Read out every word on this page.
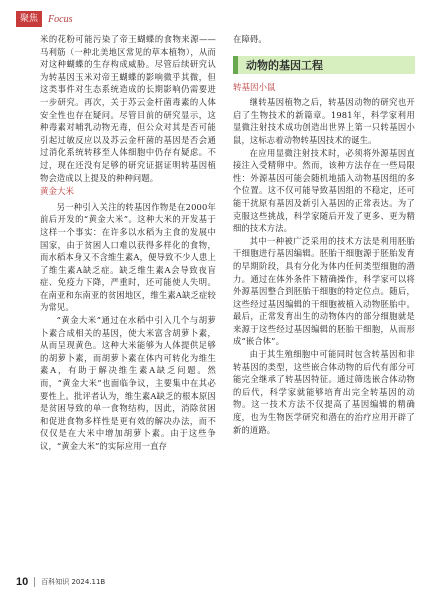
聚焦	Focus

米的花粉可能污染了帝王蝴蝶的食物来源——马利筋（一种北美地区常见的草本植物），从而对这种蝴蝶的生存构成威胁。尽管后续研究认为转基因玉米对帝王蝴蝶的影响微乎其微，但这类事件对生态系统造成的长期影响仍需要进一步研究。再次，关于苏云金杆菌毒素的人体安全性也存在疑问。尽管目前的研究显示，这种毒素对哺乳动物无毒，但公众对其是否可能引起过敏反应以及苏云金杆菌的基因是否会通过消化系统转移至人体细胞中仍存有疑虑。不过，现在还没有足够的研究证据证明转基因植物会造成以上提及的种种问题。

黄金大米

另一种引入关注的转基因作物是在2000年前后开发的“黄金大米”。这种大米的开发基于这样一个事实：在许多以水稻为主食的发展中国家，由于贫困人口难以获得多样化的食物，而水稻本身又不含维生素A，便导致不少人患上了维生素A缺乏症。缺乏维生素A会导致夜盲症、免疫力下降，严重时，还可能使人失明。在南亚和东南亚的贫困地区，维生素A缺乏症较为常见。

“黄金大米”通过在水稻中引入几个与胡萝卜素合成相关的基因，使大米富含胡萝卜素，从而呈现黄色。这种大米能够为人体提供足够的胡萝卜素，而胡萝卜素在体内可转化为维生素A，有助于解决维生素A缺乏问题。然而，“黄金大米”也面临争议，主要集中在其必要性上。批评者认为，维生素A缺乏的根本原因是贫困导致的单一食物结构，因此，消除贫困和促进食物多样性是更有效的解决办法，而不仅仅是在大米中增加胡萝卜素。由于这些争议，“黄金大米”的实际应用一直存

在障碍。

动物的基因工程
转基因小鼠

继转基因植物之后，转基因动物的研究也开启了生物技术的新篇章。1981年，科学家利用显微注射技术成功创造出世界上第一只转基因小鼠，这标志着动物转基因技术的诞生。

在应用显微注射技术时，必须将外源基因直接注入受精卵中。然而，该种方法存在一些局限性：外源基因可能会随机地插入动物基因组的多个位置。这不仅可能导致基因组的不稳定，还可能干扰原有基因及新引入基因的正常表达。为了克服这些挑战，科学家随后开发了更多、更为精细的技术方法。

其中一种被广泛采用的技术方法是利用胚胎干细胞进行基因编辑。胚胎干细胞源于胚胎发育的早期阶段，具有分化为体内任何类型细胞的潜力。通过在体外条件下精确操作，科学家可以将外源基因整合到胚胎干细胞的特定位点。随后，这些经过基因编辑的干细胞被植入动物胚胎中。最后，正常发育出生的动物体内的部分细胞就是来源于这些经过基因编辑的胚胎干细胞，从而形成“嵌合体”。

由于其生殖细胞中可能同时包含转基因和非转基因的类型，这些嵌合体动物的后代有部分可能完全继承了转基因特征。通过筛选嵌合体动物的后代，科学家就能够培育出完全转基因的动物。这一技术方法不仅提高了基因编辑的精确度，也为生物医学研究和潜在的治疗应用开辟了新的道路。

10 百科知识 2024.11B
